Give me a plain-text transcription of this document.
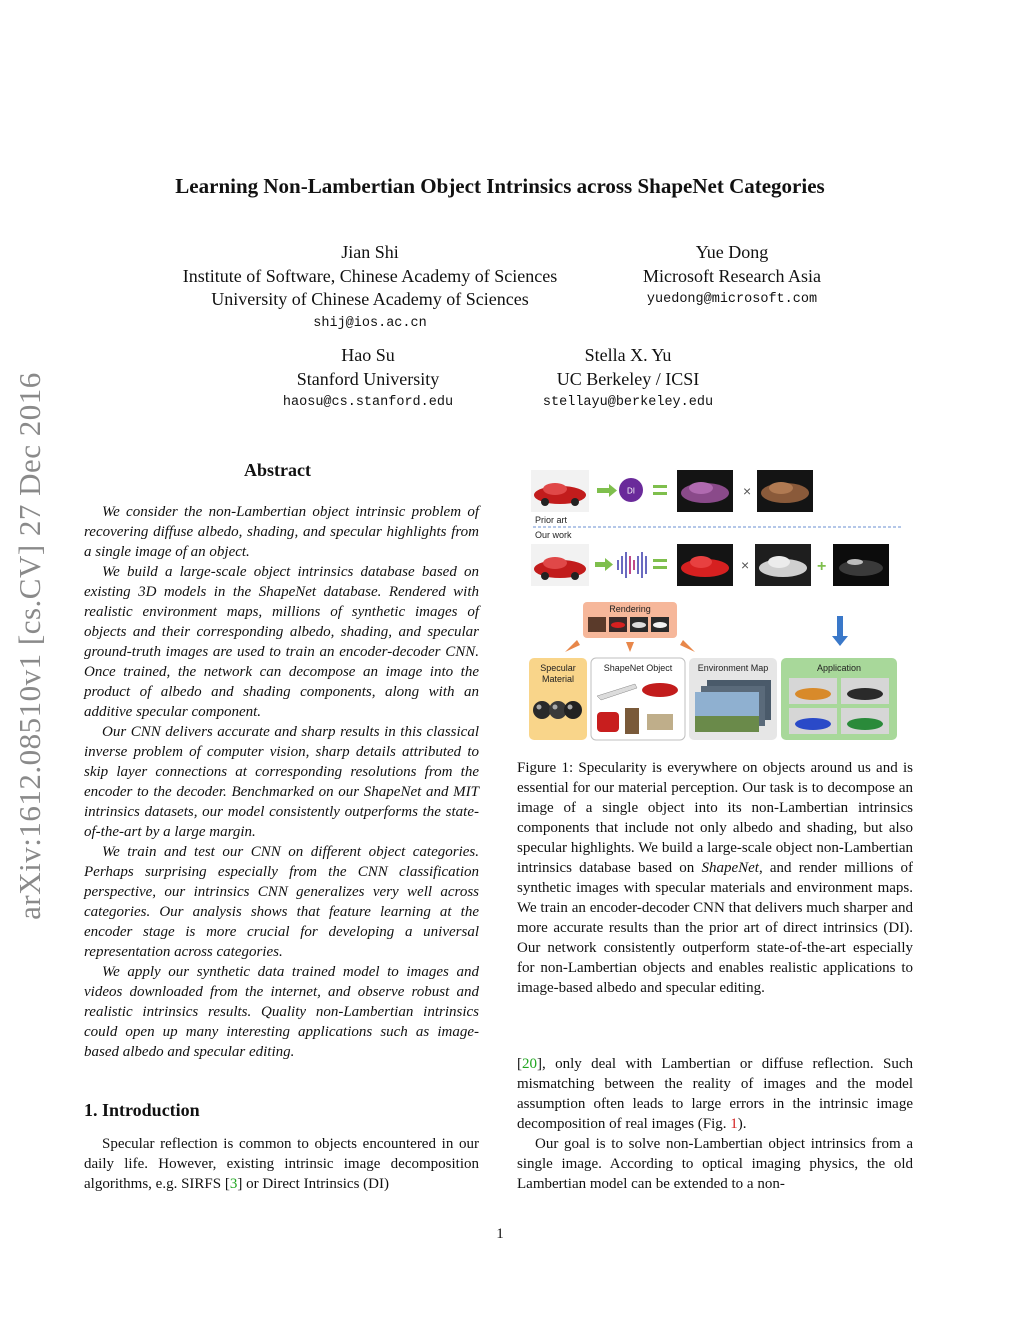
arXiv:1612.08510v1 [cs.CV] 27 Dec 2016
Learning Non-Lambertian Object Intrinsics across ShapeNet Categories
Jian Shi
Institute of Software, Chinese Academy of Sciences
University of Chinese Academy of Sciences
shij@ios.ac.cn
Yue Dong
Microsoft Research Asia
yuedong@microsoft.com
Hao Su
Stanford University
haosu@cs.stanford.edu
Stella X. Yu
UC Berkeley / ICSI
stellayu@berkeley.edu
Abstract

We consider the non-Lambertian object intrinsic problem of recovering diffuse albedo, shading, and specular highlights from a single image of an object.

We build a large-scale object intrinsics database based on existing 3D models in the ShapeNet database. Rendered with realistic environment maps, millions of synthetic images of objects and their corresponding albedo, shading, and specular ground-truth images are used to train an encoder-decoder CNN. Once trained, the network can decompose an image into the product of albedo and shading components, along with an additive specular component.

Our CNN delivers accurate and sharp results in this classical inverse problem of computer vision, sharp details attributed to skip layer connections at corresponding resolutions from the encoder to the decoder. Benchmarked on our ShapeNet and MIT intrinsics datasets, our model consistently outperforms the state-of-the-art by a large margin.

We train and test our CNN on different object categories. Perhaps surprising especially from the CNN classification perspective, our intrinsics CNN generalizes very well across categories. Our analysis shows that feature learning at the encoder stage is more crucial for developing a universal representation across categories.

We apply our synthetic data trained model to images and videos downloaded from the internet, and observe robust and realistic intrinsics results. Quality non-Lambertian intrinsics could open up many interesting applications such as image-based albedo and specular editing.

1. Introduction

Specular reflection is common to objects encountered in our daily life. However, existing intrinsic image decomposition algorithms, e.g. SIRFS [3] or Direct Intrinsics (DI)

DI	×
Prior art
Our work
×	+
Rendering
Specular
Material
ShapeNet Object	Environment Map	Application
Figure 1: Specularity is everywhere on objects around us and is essential for our material perception. Our task is to decompose an image of a single object into its non-Lambertian intrinsics components that include not only albedo and shading, but also specular highlights. We build a large-scale object non-Lambertian intrinsics database based on ShapeNet, and render millions of synthetic images with specular materials and environment maps. We train an encoder-decoder CNN that delivers much sharper and more accurate results than the prior art of direct intrinsics (DI). Our network consistently outperform state-of-the-art especially for non-Lambertian objects and enables realistic applications to image-based albedo and specular editing.
[20], only deal with Lambertian or diffuse reflection. Such mismatching between the reality of images and the model assumption often leads to large errors in the intrinsic image decomposition of real images (Fig. 1).

Our goal is to solve non-Lambertian object intrinsics from a single image. According to optical imaging physics, the old Lambertian model can be extended to a non-

1
